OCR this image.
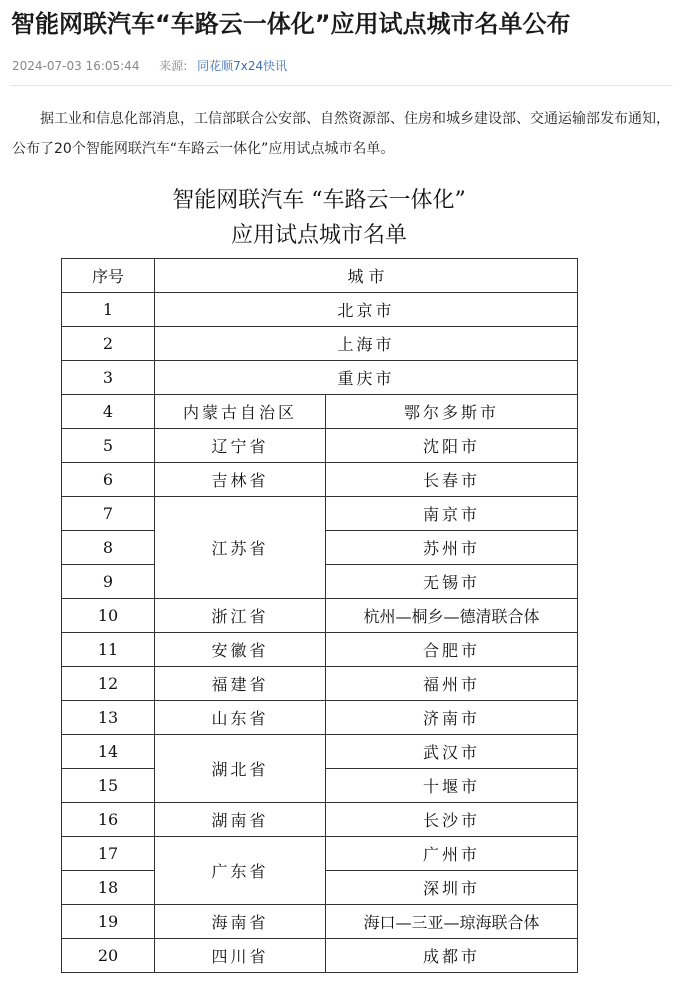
智能网联汽车“车路云一体化”应用试点城市名单公布
2024-07-03 16:05:44 来源: 同花顺7x24快讯

据工业和信息化部消息，工信部联合公安部、自然资源部、住房和城乡建设部、交通运输部发布通知，公布了20个智能网联汽车“车路云一体化”应用试点城市名单。

智能网联汽车 “车路云一体化”
应用试点城市名单
序号	城 市	
1	北京市	
2	上海市	
3	重庆市	
4	内蒙古自治区	鄂尔多斯市
5	辽宁省	沈阳市
6	吉林省	长春市
7	江苏省	南京市
8		苏州市
9		无锡市
10	浙江省	杭州—桐乡—德清联合体
11	安徽省	合肥市
12	福建省	福州市
13	山东省	济南市
14	湖北省	武汉市
15		十堰市
16	湖南省	长沙市
17	广东省	广州市
18		深圳市
19	海南省	海口—三亚—琼海联合体
20	四川省	成都市
